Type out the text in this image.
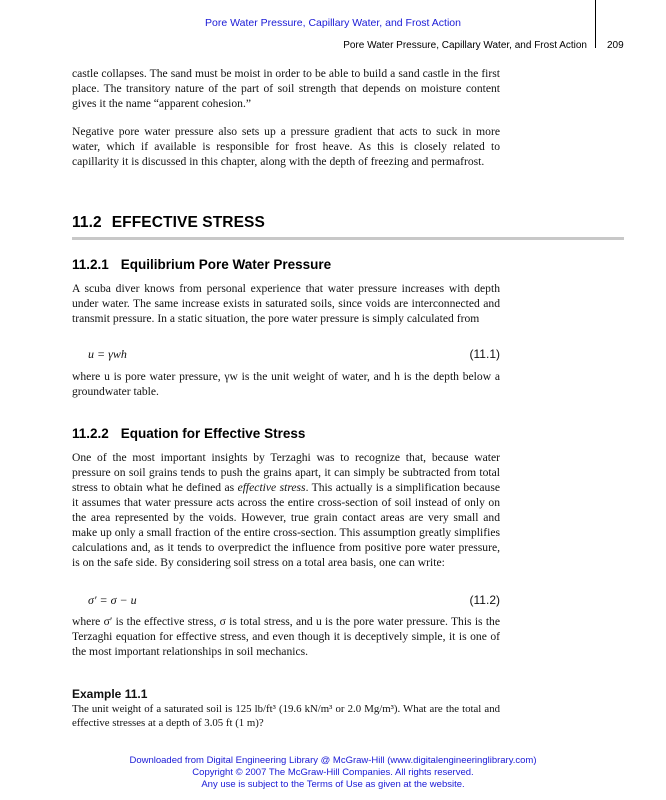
Pore Water Pressure, Capillary Water, and Frost Action
Pore Water Pressure, Capillary Water, and Frost Action 209
castle collapses. The sand must be moist in order to be able to build a sand castle in the first place. The transitory nature of the part of soil strength that depends on moisture content gives it the name “apparent cohesion.”
Negative pore water pressure also sets up a pressure gradient that acts to suck in more water, which if available is responsible for frost heave. As this is closely related to capillarity it is discussed in this chapter, along with the depth of freezing and permafrost.
11.2 EFFECTIVE STRESS
11.2.1 Equilibrium Pore Water Pressure
A scuba diver knows from personal experience that water pressure increases with depth under water. The same increase exists in saturated soils, since voids are interconnected and transmit pressure. In a static situation, the pore water pressure is simply calculated from
u = γwh	(11.1)
where u is pore water pressure, γw is the unit weight of water, and h is the depth below a groundwater table.
11.2.2 Equation for Effective Stress
One of the most important insights by Terzaghi was to recognize that, because water pressure on soil grains tends to push the grains apart, it can simply be subtracted from total stress to obtain what he defined as effective stress. This actually is a simplification because it assumes that water pressure acts across the entire cross-section of soil instead of only on the area represented by the voids. However, true grain contact areas are very small and make up only a small fraction of the entire cross-section. This assumption greatly simplifies calculations and, as it tends to overpredict the influence from positive pore water pressure, is on the safe side. By considering soil stress on a total area basis, one can write:
σ′ = σ − u	(11.2)
where σ′ is the effective stress, σ is total stress, and u is the pore water pressure. This is the Terzaghi equation for effective stress, and even though it is deceptively simple, it is one of the most important relationships in soil mechanics.
Example 11.1
The unit weight of a saturated soil is 125 lb/ft³ (19.6 kN/m³ or 2.0 Mg/m³). What are the total and effective stresses at a depth of 3.05 ft (1 m)?
Downloaded from Digital Engineering Library @ McGraw-Hill (www.digitalengineeringlibrary.com)
Copyright © 2007 The McGraw-Hill Companies. All rights reserved.
Any use is subject to the Terms of Use as given at the website.
